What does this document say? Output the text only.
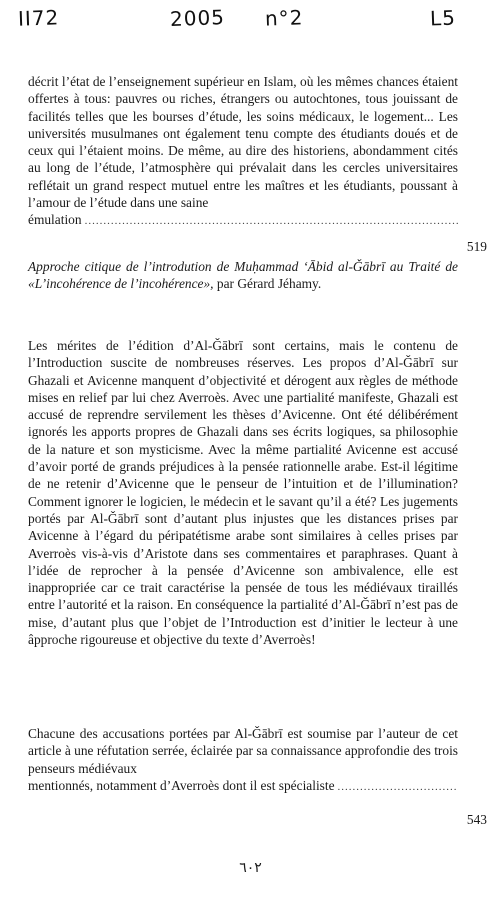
ⅠⅠ72	2005 n°2	L5
décrit l’état de l’enseignement supérieur en Islam, où les mêmes chances étaient offertes à tous: pauvres ou riches, étrangers ou autochtones, tous jouissant de facilités telles que les bourses d’étude, les soins médicaux, le logement... Les universités musulmanes ont également tenu compte des étudiants doués et de ceux qui l’étaient moins. De même, au dire des historiens, abondamment cités au long de l’étude, l’atmosphère qui prévalait dans les cercles universitaires reflétait un grand respect mutuel entre les maîtres et les étudiants, poussant à l’amour de l’étude dans une saine
émulation
.....
519
Approche citique de l’introdution de Muḥammad ‘Ābid al-Ǧābrī au Traité de «L’incohérence de l’incohérence», par Gérard Jéhamy.
Les mérites de l’édition d’Al-Ǧābrī sont certains, mais le contenu de l’Introduction suscite de nombreuses réserves. Les propos d’Al-Ǧābrī sur Ghazali et Avicenne manquent d’objectivité et dérogent aux règles de méthode mises en relief par lui chez Averroès. Avec une partialité manifeste, Ghazali est accusé de reprendre servilement les thèses d’Avicenne. Ont été délibérément ignorés les apports propres de Ghazali dans ses écrits logiques, sa philosophie de la nature et son mysticisme. Avec la même partialité Avicenne est accusé d’avoir porté de grands préjudices à la pensée rationnelle arabe. Est-il légitime de ne retenir d’Avicenne que le penseur de l’intuition et de l’illumination? Comment ignorer le logicien, le médecin et le savant qu’il a été? Les jugements portés par Al-Ǧābrī sont d’autant plus injustes que les distances prises par Avicenne à l’égard du péripatétisme arabe sont similaires à celles prises par Averroès vis-à-vis d’Aristote dans ses commentaires et paraphrases. Quant à l’idée de reprocher à la pensée d’Avicenne son ambivalence, elle est inappropriée car ce trait caractérise la pensée de tous les médiévaux tiraillés entre l’autorité et la raison. En conséquence la partialité d’Al-Ǧābrī n’est pas de mise, d’autant plus que l’objet de l’Introduction est d’initier le lecteur à une âpproche rigoureuse et objective du texte d’Averroès!
Chacune des accusations portées par Al-Ǧābrī est soumise par l’auteur de cet article à une réfutation serrée, éclairée par sa connaissance approfondie des trois penseurs médiévaux
mentionnés, notamment d’Averroès dont il est spécialiste
.....
543
٦٠٢
